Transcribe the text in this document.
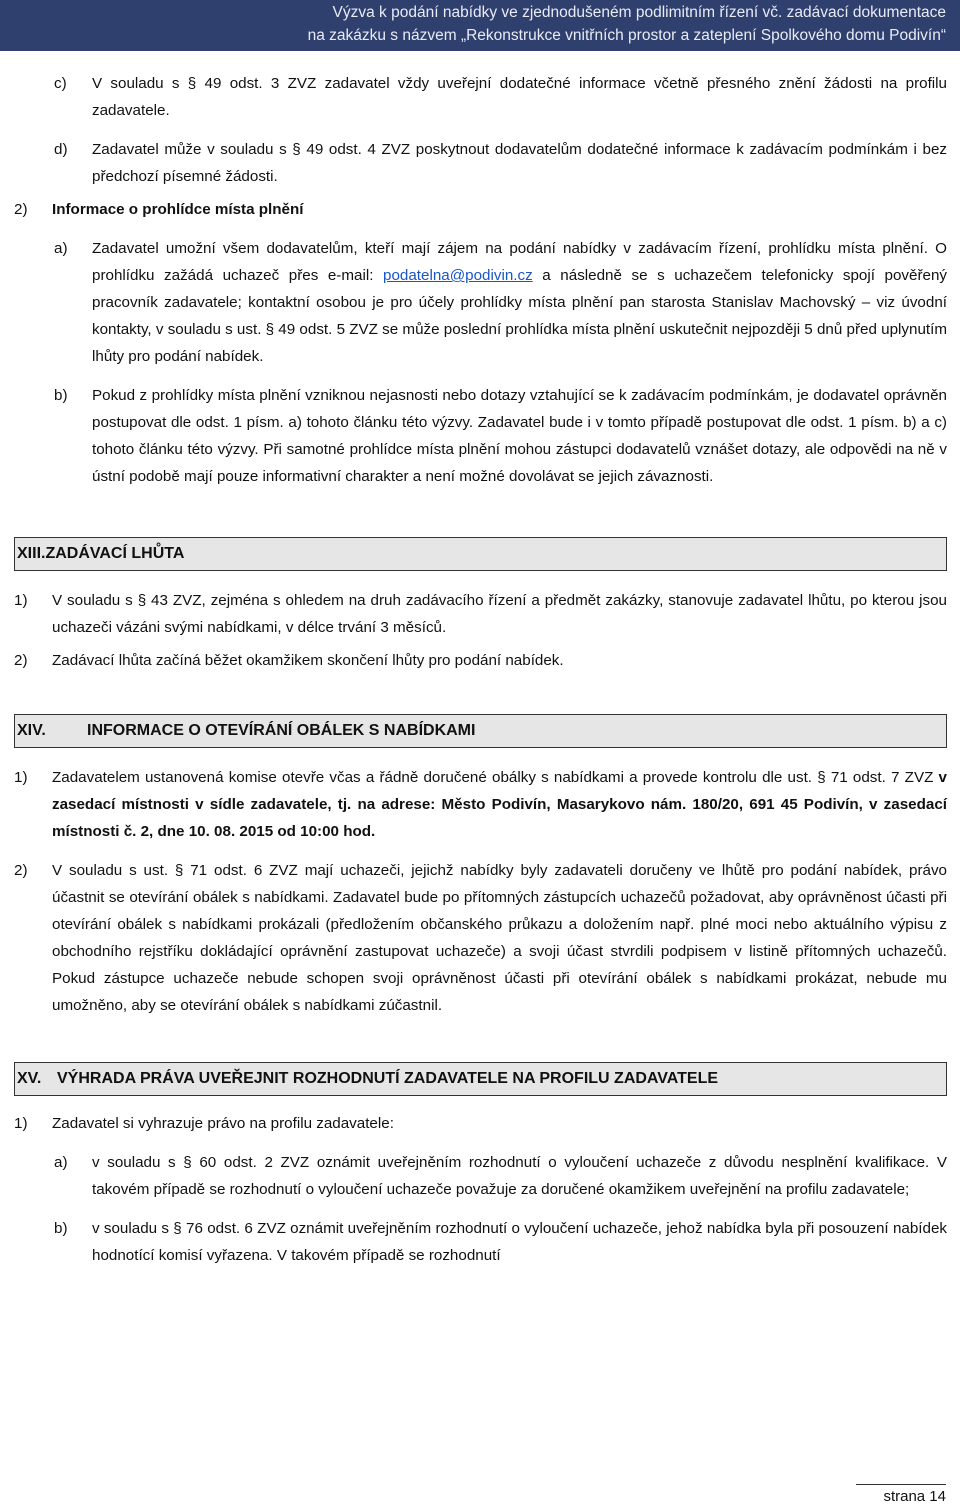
Výzva k podání nabídky ve zjednodušeném podlimitním řízení vč. zadávací dokumentace

na zakázku s názvem „Rekonstrukce vnitřních prostor a zateplení Spolkového domu Podivín“

c) V souladu s § 49 odst. 3 ZVZ zadavatel vždy uveřejní dodatečné informace včetně přesného znění žádosti na profilu zadavatele.
d) Zadavatel může v souladu s § 49 odst. 4 ZVZ poskytnout dodavatelům dodatečné informace k zadávacím podmínkám i bez předchozí písemné žádosti.
2) Informace o prohlídce místa plnění
a) Zadavatel umožní všem dodavatelům, kteří mají zájem na podání nabídky v zadávacím řízení, prohlídku místa plnění. O prohlídku zažádá uchazeč přes e-mail: podatelna@podivin.cz a následně se s uchazečem telefonicky spojí pověřený pracovník zadavatele; kontaktní osobou je pro účely prohlídky místa plnění pan starosta Stanislav Machovský – viz úvodní kontakty, v souladu s ust. § 49 odst. 5 ZVZ se může poslední prohlídka místa plnění uskutečnit nejpozději 5 dnů před uplynutím lhůty pro podání nabídek.
b) Pokud z prohlídky místa plnění vzniknou nejasnosti nebo dotazy vztahující se k zadávacím podmínkám, je dodavatel oprávněn postupovat dle odst. 1 písm. a) tohoto článku této výzvy. Zadavatel bude i v tomto případě postupovat dle odst. 1 písm. b) a c) tohoto článku této výzvy. Při samotné prohlídce místa plnění mohou zástupci dodavatelů vznášet dotazy, ale odpovědi na ně v ústní podobě mají pouze informativní charakter a není možné dovolávat se jejich závaznosti.
XIII.ZADÁVACÍ LHŮTA
1) V souladu s § 43 ZVZ, zejména s ohledem na druh zadávacího řízení a předmět zakázky, stanovuje zadavatel lhůtu, po kterou jsou uchazeči vázáni svými nabídkami, v délce trvání 3 měsíců.
2) Zadávací lhůta začíná běžet okamžikem skončení lhůty pro podání nabídek.
XIV.	INFORMACE O OTEVÍRÁNÍ OBÁLEK S NABÍDKAMI
1) Zadavatelem ustanovená komise otevře včas a řádně doručené obálky s nabídkami a provede kontrolu dle ust. § 71 odst. 7 ZVZ v zasedací místnosti v sídle zadavatele, tj. na adrese: Město Podivín, Masarykovo nám. 180/20, 691 45 Podivín, v zasedací místnosti č. 2, dne 10. 08. 2015 od 10:00 hod.
2) V souladu s ust. § 71 odst. 6 ZVZ mají uchazeči, jejichž nabídky byly zadavateli doručeny ve lhůtě pro podání nabídek, právo účastnit se otevírání obálek s nabídkami. Zadavatel bude po přítomných zástupcích uchazečů požadovat, aby oprávněnost účasti při otevírání obálek s nabídkami prokázali (předložením občanského průkazu a doložením např. plné moci nebo aktuálního výpisu z obchodního rejstříku dokládající oprávnění zastupovat uchazeče) a svoji účast stvrdili podpisem v listině přítomných uchazečů. Pokud zástupce uchazeče nebude schopen svoji oprávněnost účasti při otevírání obálek s nabídkami prokázat, nebude mu umožněno, aby se otevírání obálek s nabídkami zúčastnil.
XV. VÝHRADA PRÁVA UVEŘEJNIT ROZHODNUTÍ ZADAVATELE NA PROFILU ZADAVATELE
1) Zadavatel si vyhrazuje právo na profilu zadavatele:
a) v souladu s § 60 odst. 2 ZVZ oznámit uveřejněním rozhodnutí o vyloučení uchazeče z důvodu nesplnění kvalifikace. V takovém případě se rozhodnutí o vyloučení uchazeče považuje za doručené okamžikem uveřejnění na profilu zadavatele;
b) v souladu s § 76 odst. 6 ZVZ oznámit uveřejněním rozhodnutí o vyloučení uchazeče, jehož nabídka byla při posouzení nabídek hodnotící komisí vyřazena. V takovém případě se rozhodnutí
strana 14
